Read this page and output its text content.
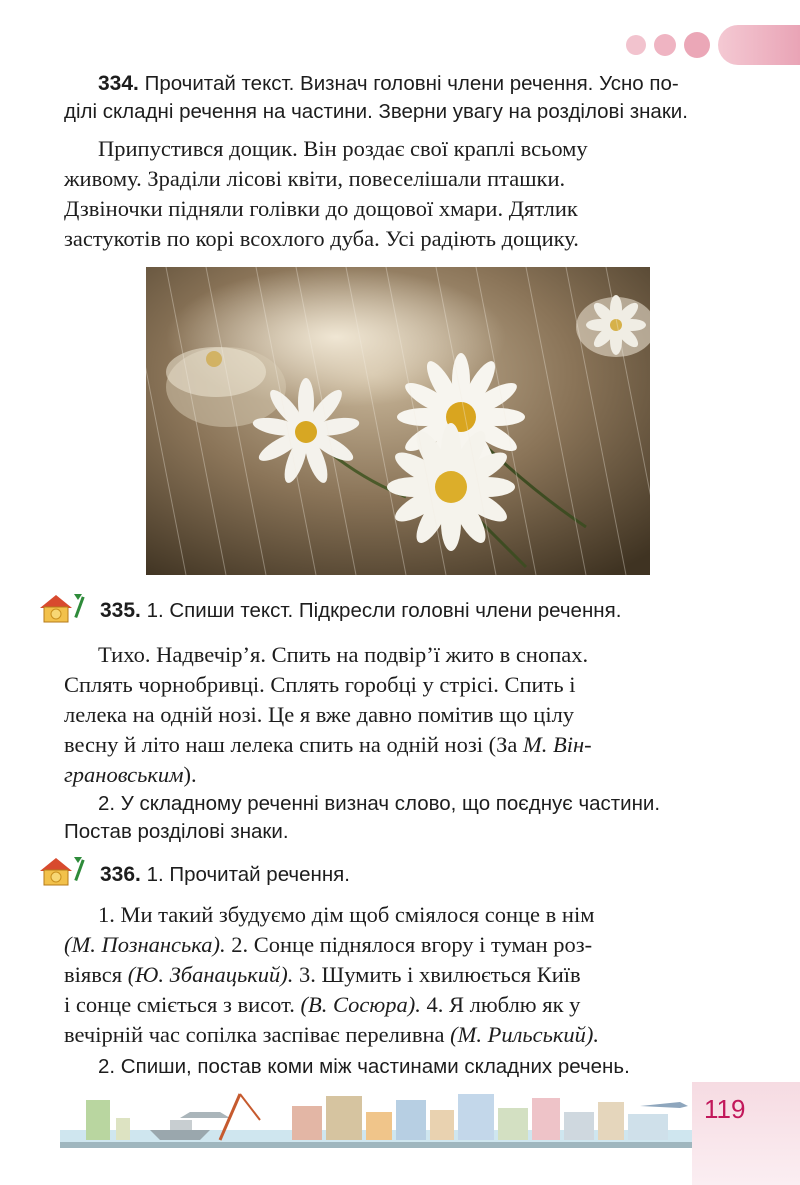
334. Прочитай текст. Визнач головні члени речення. Усно по-
ділі складні речення на частини. Зверни увагу на розділові знаки.
Припустився дощик. Він роздає свої краплі всьому
живому. Зраділи лісові квіти, повеселішали пташки.
Дзвіночки підняли голівки до дощової хмари. Дятлик
застукотів по корі всохлого дуба. Усі радіють дощику.
335. 1. Спиши текст. Підкресли головні члени речення.
Тихо. Надвечір’я. Спить на подвір’ї жито в снопах.
Сплять чорнобривці. Сплять горобці у стрісі. Спить і
лелека на одній нозі. Це я вже давно помітив що цілу
весну й літо наш лелека спить на одній нозі (За М. Він-
грановським).
2. У складному реченні визнач слово, що поєднує частини.
Постав розділові знаки.
336. 1. Прочитай речення.
1. Ми такий збудуємо дім щоб сміялося сонце в нім
(М. Познанська). 2. Сонце піднялося вгору і туман роз-
віявся (Ю. Збанацький). 3. Шумить і хвилюється Київ
і сонце сміється з висот. (В. Сосюра). 4. Я люблю як у
вечірній час сопілка заспіває переливна (М. Рильський).
2. Спиши, постав коми між частинами складних речень.
119
